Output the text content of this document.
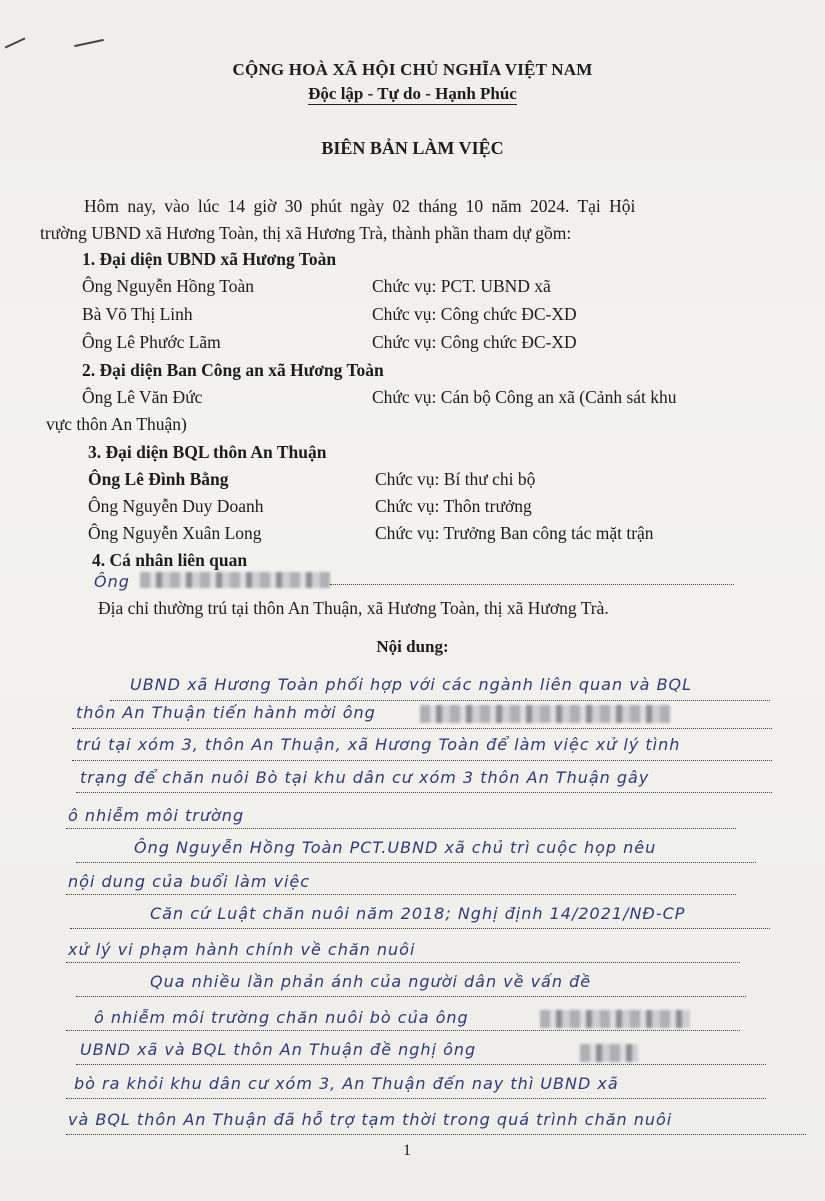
CỘNG HOÀ XÃ HỘI CHỦ NGHĨA VIỆT NAM
Độc lập - Tự do - Hạnh Phúc
BIÊN BẢN LÀM VIỆC
Hôm nay, vào lúc 14 giờ 30 phút ngày 02 tháng 10 năm 2024. Tại Hội
trường UBND xã Hương Toàn, thị xã Hương Trà, thành phần tham dự gồm:
1. Đại diện UBND xã Hương Toàn
Ông Nguyễn Hồng Toàn	Chức vụ: PCT. UBND xã
Bà Võ Thị Linh	Chức vụ: Công chức ĐC-XD
Ông Lê Phước Lãm	Chức vụ: Công chức ĐC-XD
2. Đại diện Ban Công an xã Hương Toàn
Ông Lê Văn Đức	Chức vụ: Cán bộ Công an xã (Cảnh sát khu
vực thôn An Thuận)
3. Đại diện BQL thôn An Thuận
Ông Lê Đình Bằng	Chức vụ: Bí thư chi bộ
Ông Nguyễn Duy Doanh	Chức vụ: Thôn trưởng
Ông Nguyễn Xuân Long	Chức vụ: Trưởng Ban công tác mặt trận
4. Cá nhân liên quan
Ông
Địa chỉ thường trú tại thôn An Thuận, xã Hương Toàn, thị xã Hương Trà.
Nội dung:
UBND xã Hương Toàn phối hợp với các ngành liên quan và BQL
thôn An Thuận tiến hành mời ông
trú tại xóm 3, thôn An Thuận, xã Hương Toàn để làm việc xử lý tình
trạng để chăn nuôi Bò tại khu dân cư xóm 3 thôn An Thuận gây
ô nhiễm môi trường
Ông Nguyễn Hồng Toàn PCT.UBND xã chủ trì cuộc họp nêu
nội dung của buổi làm việc
Căn cứ Luật chăn nuôi năm 2018; Nghị định 14/2021/NĐ-CP
xử lý vi phạm hành chính về chăn nuôi
Qua nhiều lần phản ánh của người dân về vấn đề
ô nhiễm môi trường chăn nuôi bò của ông
UBND xã và BQL thôn An Thuận đề nghị ông
bò ra khỏi khu dân cư xóm 3, An Thuận đến nay thì UBND xã
và BQL thôn An Thuận đã hỗ trợ tạm thời trong quá trình chăn nuôi
1
